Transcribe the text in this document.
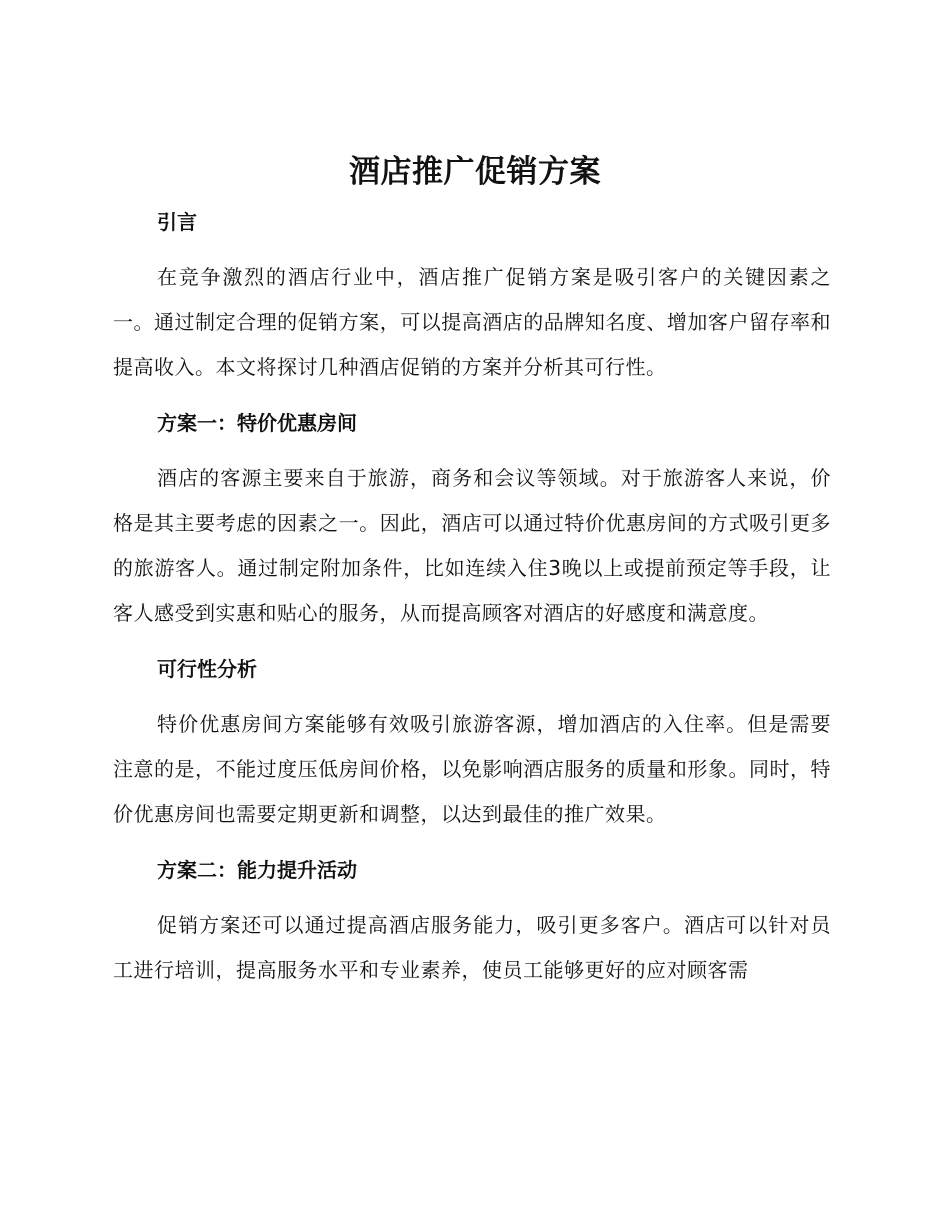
酒店推广促销方案
引言

在竞争激烈的酒店行业中，酒店推广促销方案是吸引客户的关键因素之一。通过制定合理的促销方案，可以提高酒店的品牌知名度、增加客户留存率和提高收入。本文将探讨几种酒店促销的方案并分析其可行性。

方案一：特价优惠房间

酒店的客源主要来自于旅游，商务和会议等领域。对于旅游客人来说，价格是其主要考虑的因素之一。因此，酒店可以通过特价优惠房间的方式吸引更多的旅游客人。通过制定附加条件，比如连续入住3晚以上或提前预定等手段，让客人感受到实惠和贴心的服务，从而提高顾客对酒店的好感度和满意度。

可行性分析

特价优惠房间方案能够有效吸引旅游客源，增加酒店的入住率。但是需要注意的是，不能过度压低房间价格，以免影响酒店服务的质量和形象。同时，特价优惠房间也需要定期更新和调整，以达到最佳的推广效果。

方案二：能力提升活动

促销方案还可以通过提高酒店服务能力，吸引更多客户。酒店可以针对员工进行培训，提高服务水平和专业素养，使员工能够更好的应对顾客需
